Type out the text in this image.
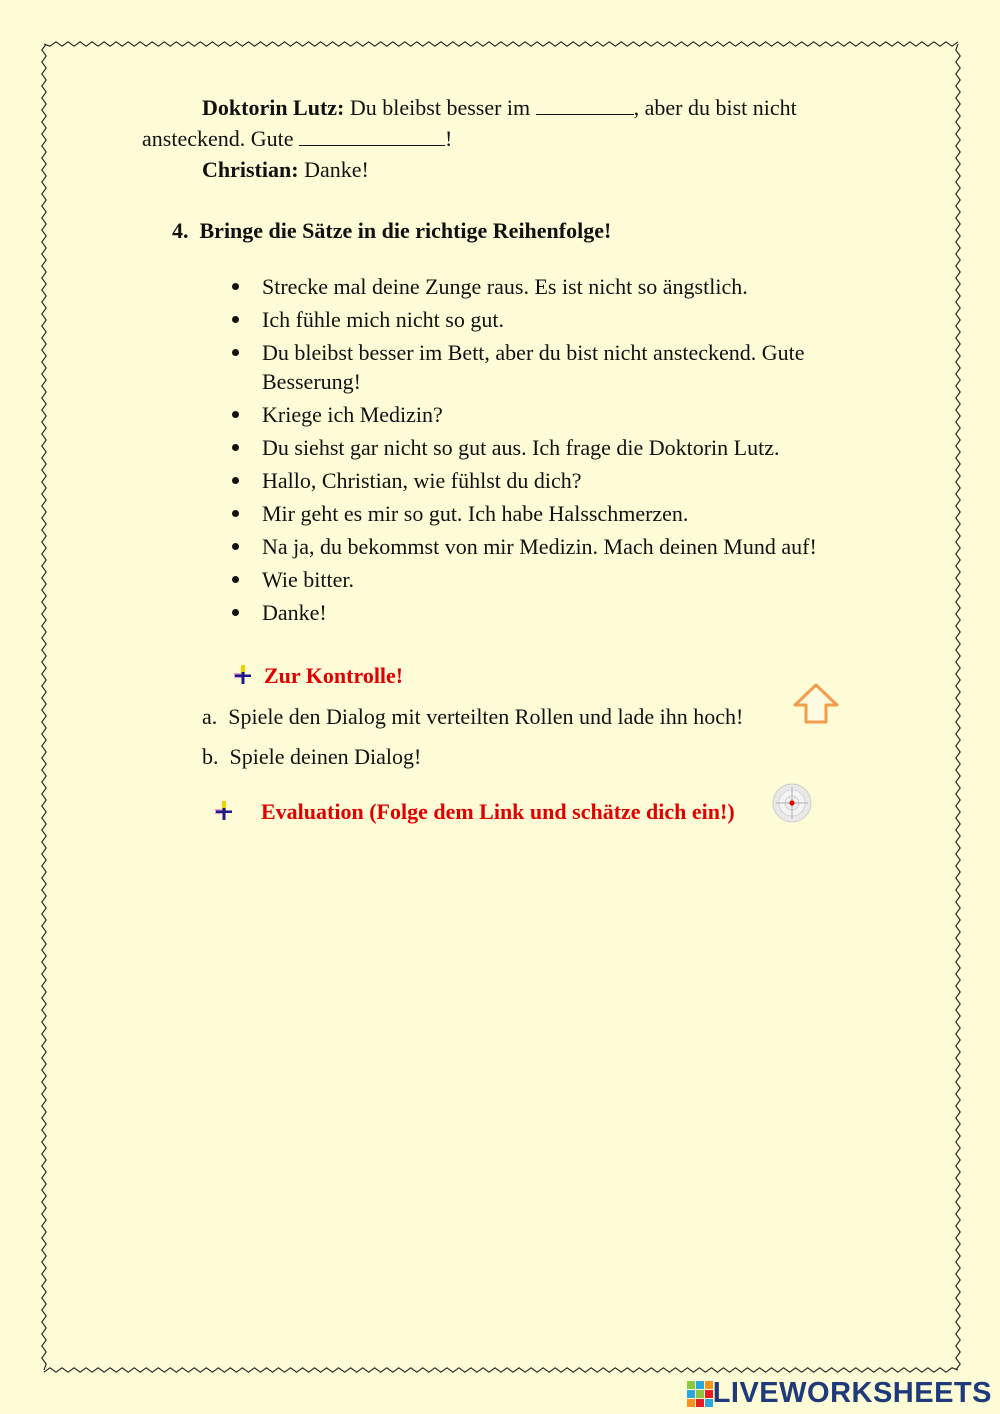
Doktorin Lutz: Du bleibst besser im	, aber du bist nicht
ansteckend. Gute	!
Christian: Danke!
4. Bringe die Sätze in die richtige Reihenfolge!
Strecke mal deine Zunge raus. Es ist nicht so ängstlich.
Ich fühle mich nicht so gut.
Du bleibst besser im Bett, aber du bist nicht ansteckend. Gute
Besserung!
Kriege ich Medizin?
Du siehst gar nicht so gut aus. Ich frage die Doktorin Lutz.
Hallo, Christian, wie fühlst du dich?
Mir geht es mir so gut. Ich habe Halsschmerzen.
Na ja, du bekommst von mir Medizin. Mach deinen Mund auf!
Wie bitter.
Danke!
Zur Kontrolle!
a. Spiele den Dialog mit verteilten Rollen und lade ihn hoch!
b. Spiele deinen Dialog!
Evaluation (Folge dem Link und schätze dich ein!)
LIVEWORKSHEETS
